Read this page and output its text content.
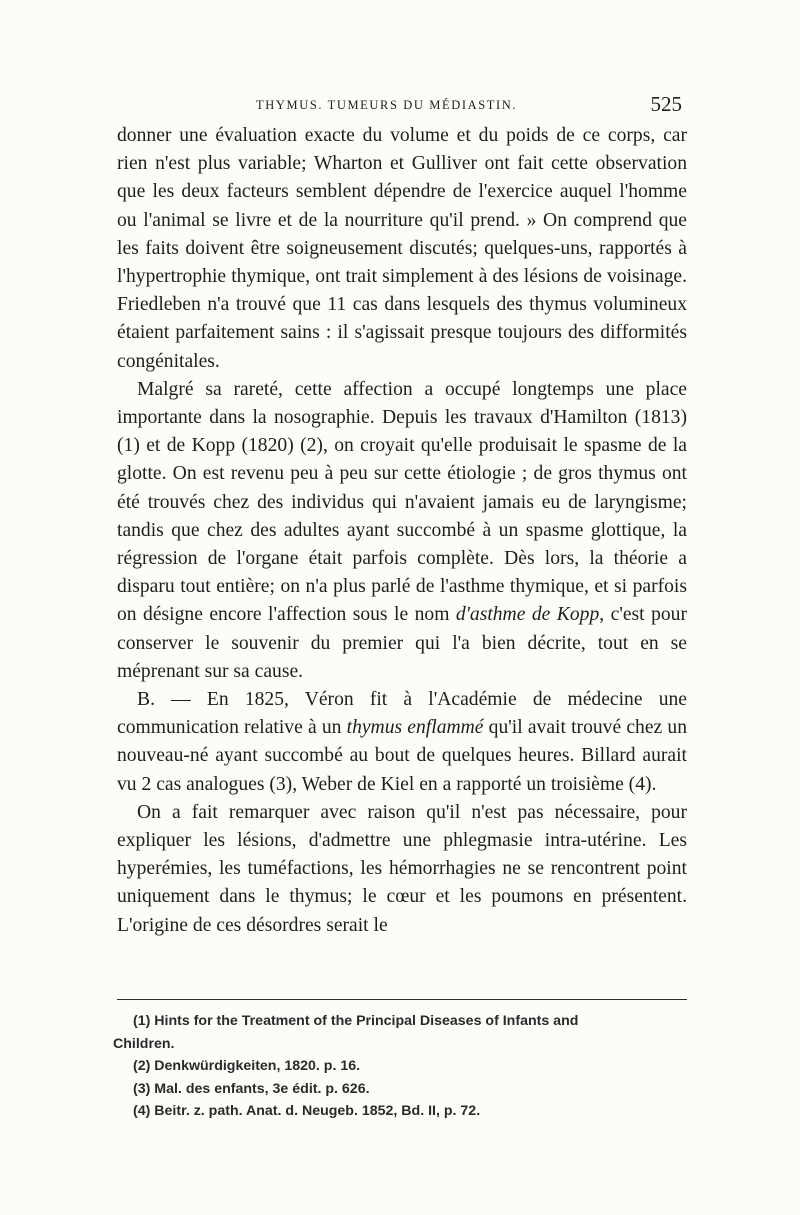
THYMUS. TUMEURS DU MÉDIASTIN.	525

donner une évaluation exacte du volume et du poids de ce corps, car rien n'est plus variable; Wharton et Gulliver ont fait cette observation que les deux facteurs semblent dépendre de l'exercice auquel l'homme ou l'animal se livre et de la nourriture qu'il prend. » On comprend que les faits doivent être soigneusement discutés; quelques-uns, rapportés à l'hypertrophie thymique, ont trait simplement à des lésions de voisinage. Friedleben n'a trouvé que 11 cas dans lesquels des thymus volumineux étaient parfaitement sains : il s'agissait presque toujours des difformités congénitales.

Malgré sa rareté, cette affection a occupé longtemps une place importante dans la nosographie. Depuis les travaux d'Hamilton (1813) (1) et de Kopp (1820) (2), on croyait qu'elle produisait le spasme de la glotte. On est revenu peu à peu sur cette étiologie ; de gros thymus ont été trouvés chez des individus qui n'avaient jamais eu de laryngisme; tandis que chez des adultes ayant succombé à un spasme glottique, la régression de l'organe était parfois complète. Dès lors, la théorie a disparu tout entière; on n'a plus parlé de l'asthme thymique, et si parfois on désigne encore l'affection sous le nom d'asthme de Kopp, c'est pour conserver le souvenir du premier qui l'a bien décrite, tout en se méprenant sur sa cause.

B. — En 1825, Véron fit à l'Académie de médecine une communication relative à un thymus enflammé qu'il avait trouvé chez un nouveau-né ayant succombé au bout de quelques heures. Billard aurait vu 2 cas analogues (3), Weber de Kiel en a rapporté un troisième (4).

On a fait remarquer avec raison qu'il n'est pas nécessaire, pour expliquer les lésions, d'admettre une phlegmasie intra-utérine. Les hyperémies, les tuméfactions, les hémorrhagies ne se rencontrent point uniquement dans le thymus; le cœur et les poumons en présentent. L'origine de ces désordres serait le

(1) Hints for the Treatment of the Principal Diseases of Infants and

Children.

(2) Denkwürdigkeiten, 1820. p. 16.

(3) Mal. des enfants, 3e édit. p. 626.

(4) Beitr. z. path. Anat. d. Neugeb. 1852, Bd. II, p. 72.
